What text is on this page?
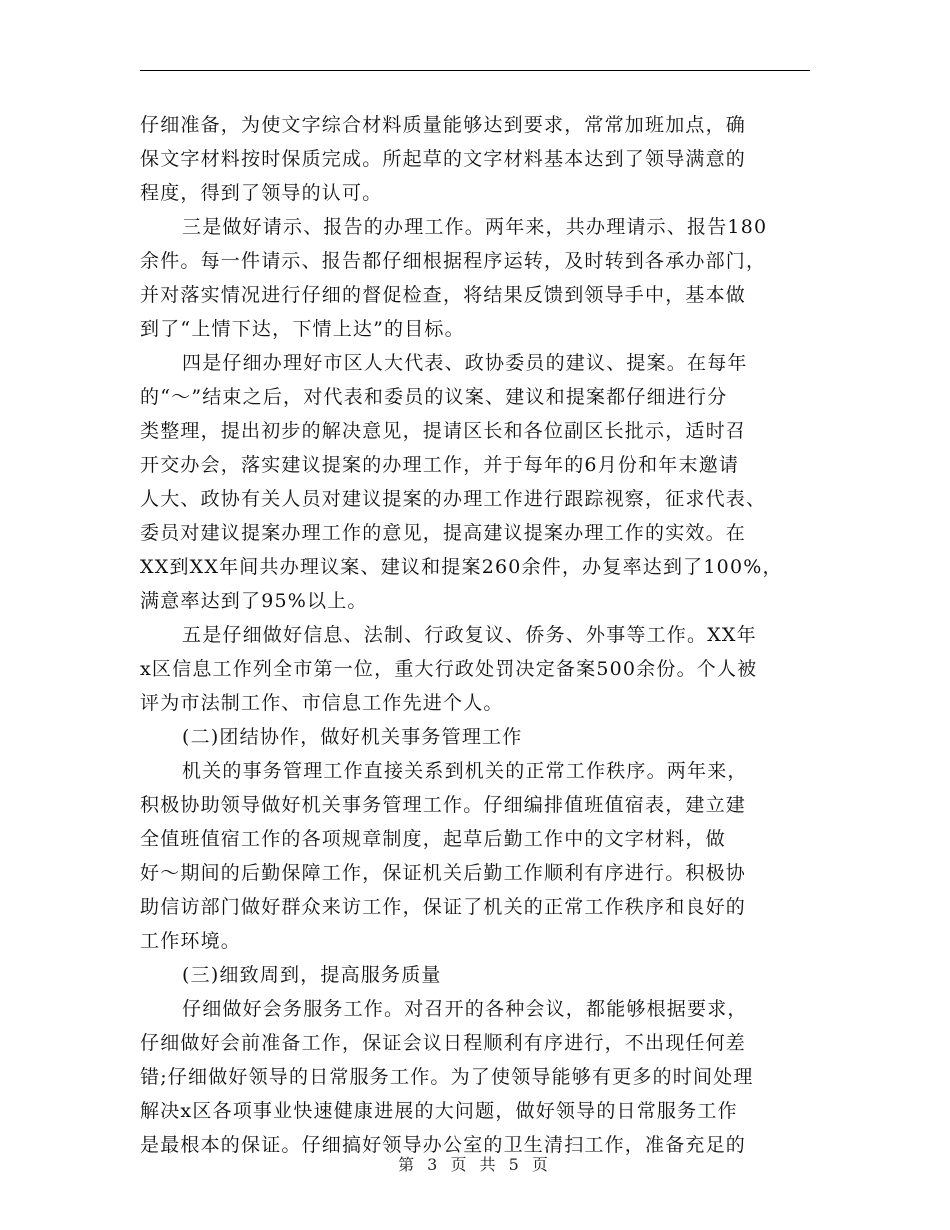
仔细准备，为使文字综合材料质量能够达到要求，常常加班加点，确
保文字材料按时保质完成。所起草的文字材料基本达到了领导满意的
程度，得到了领导的认可。
三是做好请示、报告的办理工作。两年来，共办理请示、报告180
余件。每一件请示、报告都仔细根据程序运转，及时转到各承办部门，
并对落实情况进行仔细的督促检查，将结果反馈到领导手中，基本做
到了“上情下达，下情上达”的目标。
四是仔细办理好市区人大代表、政协委员的建议、提案。在每年
的“～”结束之后，对代表和委员的议案、建议和提案都仔细进行分
类整理，提出初步的解决意见，提请区长和各位副区长批示，适时召
开交办会，落实建议提案的办理工作，并于每年的6月份和年末邀请
人大、政协有关人员对建议提案的办理工作进行跟踪视察，征求代表、
委员对建议提案办理工作的意见，提高建议提案办理工作的实效。在
XX到XX年间共办理议案、建议和提案260余件，办复率达到了100%，
满意率达到了95%以上。
五是仔细做好信息、法制、行政复议、侨务、外事等工作。XX年
x区信息工作列全市第一位，重大行政处罚决定备案500余份。个人被
评为市法制工作、市信息工作先进个人。
(二)团结协作，做好机关事务管理工作
机关的事务管理工作直接关系到机关的正常工作秩序。两年来，
积极协助领导做好机关事务管理工作。仔细编排值班值宿表，建立建
全值班值宿工作的各项规章制度，起草后勤工作中的文字材料，做
好～期间的后勤保障工作，保证机关后勤工作顺利有序进行。积极协
助信访部门做好群众来访工作，保证了机关的正常工作秩序和良好的
工作环境。
(三)细致周到，提高服务质量
仔细做好会务服务工作。对召开的各种会议，都能够根据要求，
仔细做好会前准备工作，保证会议日程顺利有序进行，不出现任何差
错;仔细做好领导的日常服务工作。为了使领导能够有更多的时间处理
解决x区各项事业快速健康进展的大问题，做好领导的日常服务工作
是最根本的保证。仔细搞好领导办公室的卫生清扫工作，准备充足的
第 3 页 共 5 页
